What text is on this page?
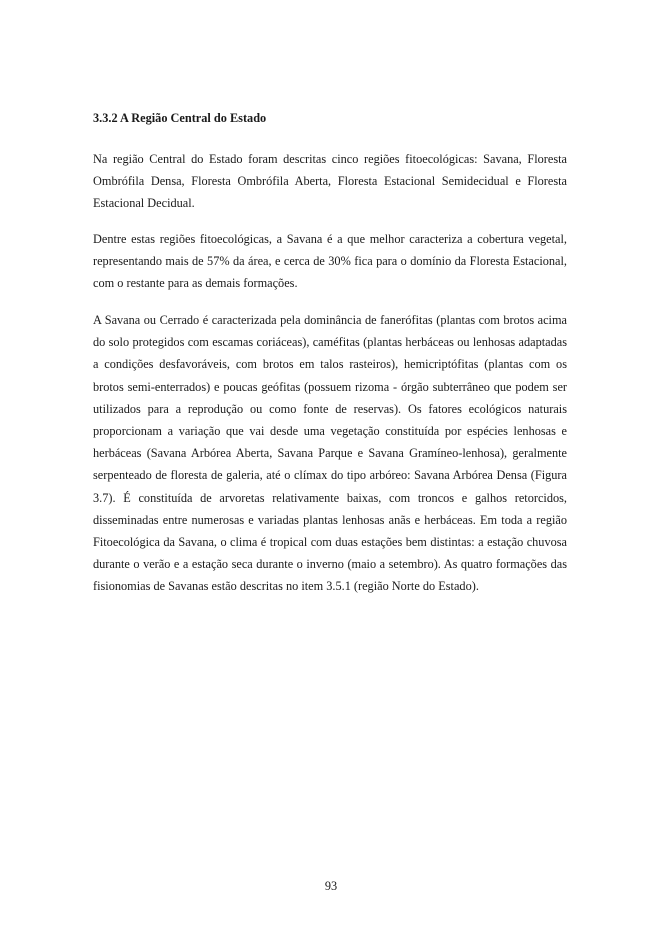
3.3.2 A Região Central do Estado

Na região Central do Estado foram descritas cinco regiões fitoecológicas: Savana, Floresta Ombrófila Densa, Floresta Ombrófila Aberta, Floresta Estacional Semidecidual e Floresta Estacional Decidual.

Dentre estas regiões fitoecológicas, a Savana é a que melhor caracteriza a cobertura vegetal, representando mais de 57% da área, e cerca de 30% fica para o domínio da Floresta Estacional, com o restante para as demais formações.

A Savana ou Cerrado é caracterizada pela dominância de fanerófitas (plantas com brotos acima do solo protegidos com escamas coriáceas), caméfitas (plantas herbáceas ou lenhosas adaptadas a condições desfavoráveis, com brotos em talos rasteiros), hemicriptófitas (plantas com os brotos semi-enterrados) e poucas geófitas (possuem rizoma - órgão subterrâneo que podem ser utilizados para a reprodução ou como fonte de reservas). Os fatores ecológicos naturais proporcionam a variação que vai desde uma vegetação constituída por espécies lenhosas e herbáceas (Savana Arbórea Aberta, Savana Parque e Savana Gramíneo-lenhosa), geralmente serpenteado de floresta de galeria, até o clímax do tipo arbóreo: Savana Arbórea Densa (Figura 3.7). É constituída de arvoretas relativamente baixas, com troncos e galhos retorcidos, disseminadas entre numerosas e variadas plantas lenhosas anãs e herbáceas. Em toda a região Fitoecológica da Savana, o clima é tropical com duas estações bem distintas: a estação chuvosa durante o verão e a estação seca durante o inverno (maio a setembro). As quatro formações das fisionomias de Savanas estão descritas no item 3.5.1 (região Norte do Estado).

93
